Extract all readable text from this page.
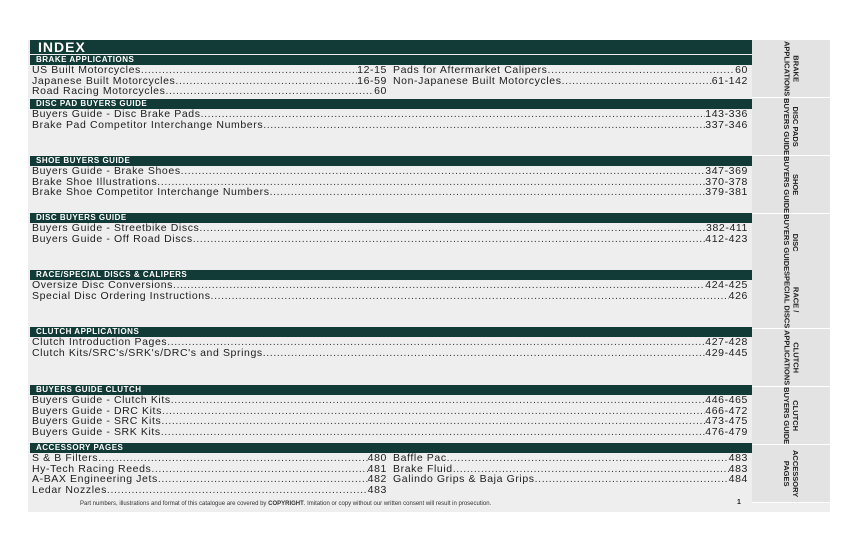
INDEX
BRAKE APPLICATIONS
US Built Motorcycles .....	12-15
Japanese Built Motorcycles .....	16-59
Road Racing Motorcycles .....	60
Pads for Aftermarket Calipers .....	60
Non-Japanese Built Motorcycles .....	61-142
DISC PAD BUYERS GUIDE
Buyers Guide - Disc Brake Pads .....	143-336
Brake Pad Competitor Interchange Numbers .....	337-346
SHOE BUYERS GUIDE
Buyers Guide - Brake Shoes .....	347-369
Brake Shoe Illustrations .....	370-378
Brake Shoe Competitor Interchange Numbers .....	379-381
DISC BUYERS GUIDE
Buyers Guide - Streetbike Discs .....	382-411
Buyers Guide - Off Road Discs .....	412-423
RACE/SPECIAL DISCS & CALIPERS
Oversize Disc Conversions .....	424-425
Special Disc Ordering Instructions .....	426
CLUTCH APPLICATIONS
Clutch Introduction Pages .....	427-428
Clutch Kits/SRC's/SRK's/DRC's and Springs .....	429-445
BUYERS GUIDE CLUTCH
Buyers Guide - Clutch Kits .....	446-465
Buyers Guide - DRC Kits .....	466-472
Buyers Guide - SRC Kits .....	473-475
Buyers Guide - SRK Kits .....	476-479
ACCESSORY PAGES
S & B Filters .....	480
Hy-Tech Racing Reeds .....	481
A-BAX Engineering Jets .....	482
Ledar Nozzles .....	483
Baffle Pac .....	483
Brake Fluid .....	483
Galindo Grips & Baja Grips .....	484
BRAKE
APPLICATIONS
DISC PADS
BUYERS GUIDE
SHOE
BUYERS GUIDE
DISC
BUYERS GUIDE
RACE /
SPECIAL DISCS
CLUTCH
APPLICATIONS
CLUTCH
BUYERS GUIDE
ACCESSORY
PAGES
Part numbers, illustrations and format of this catalogue are covered by COPYRIGHT. Imitation or copy without our written consent will result in prosecution.	1
